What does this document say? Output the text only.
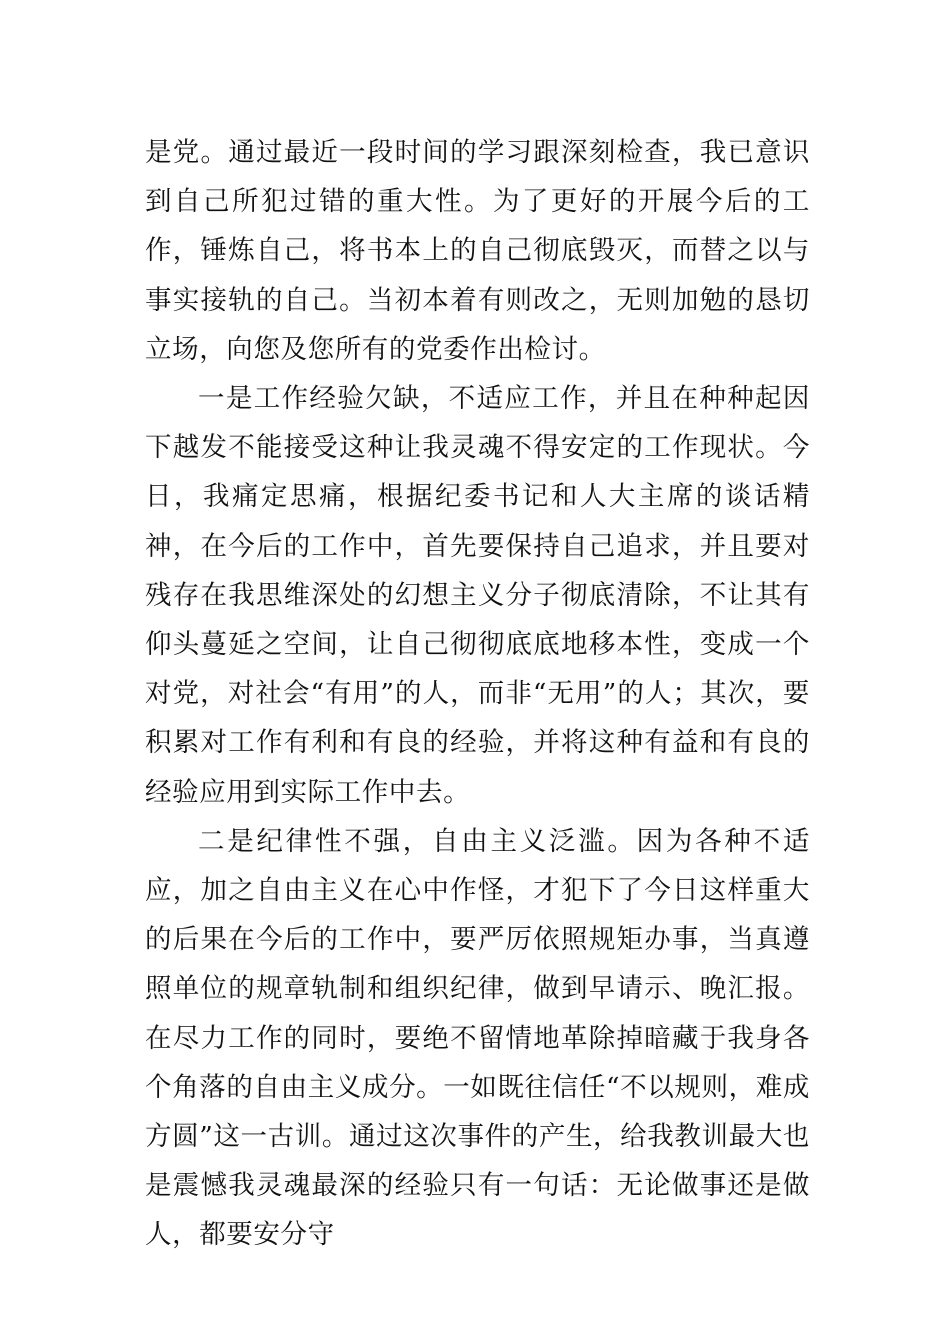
是党。通过最近一段时间的学习跟深刻检查，我已意识到自己所犯过错的重大性。为了更好的开展今后的工作，锤炼自己，将书本上的自己彻底毁灭，而替之以与事实接轨的自己。当初本着有则改之，无则加勉的恳切立场，向您及您所有的党委作出检讨。

一是工作经验欠缺，不适应工作，并且在种种起因下越发不能接受这种让我灵魂不得安定的工作现状。今日，我痛定思痛，根据纪委书记和人大主席的谈话精神，在今后的工作中，首先要保持自己追求，并且要对残存在我思维深处的幻想主义分子彻底清除，不让其有仰头蔓延之空间，让自己彻彻底底地移本性，变成一个对党，对社会“有用”的人，而非“无用”的人；其次，要积累对工作有利和有良的经验，并将这种有益和有良的经验应用到实际工作中去。

二是纪律性不强，自由主义泛滥。因为各种不适应，加之自由主义在心中作怪，才犯下了今日这样重大的后果在今后的工作中，要严厉依照规矩办事，当真遵照单位的规章轨制和组织纪律，做到早请示、晚汇报。在尽力工作的同时，要绝不留情地革除掉暗藏于我身各个角落的自由主义成分。一如既往信任“不以规则，难成方圆”这一古训。通过这次事件的产生，给我教训最大也是震憾我灵魂最深的经验只有一句话：无论做事还是做人，都要安分守
